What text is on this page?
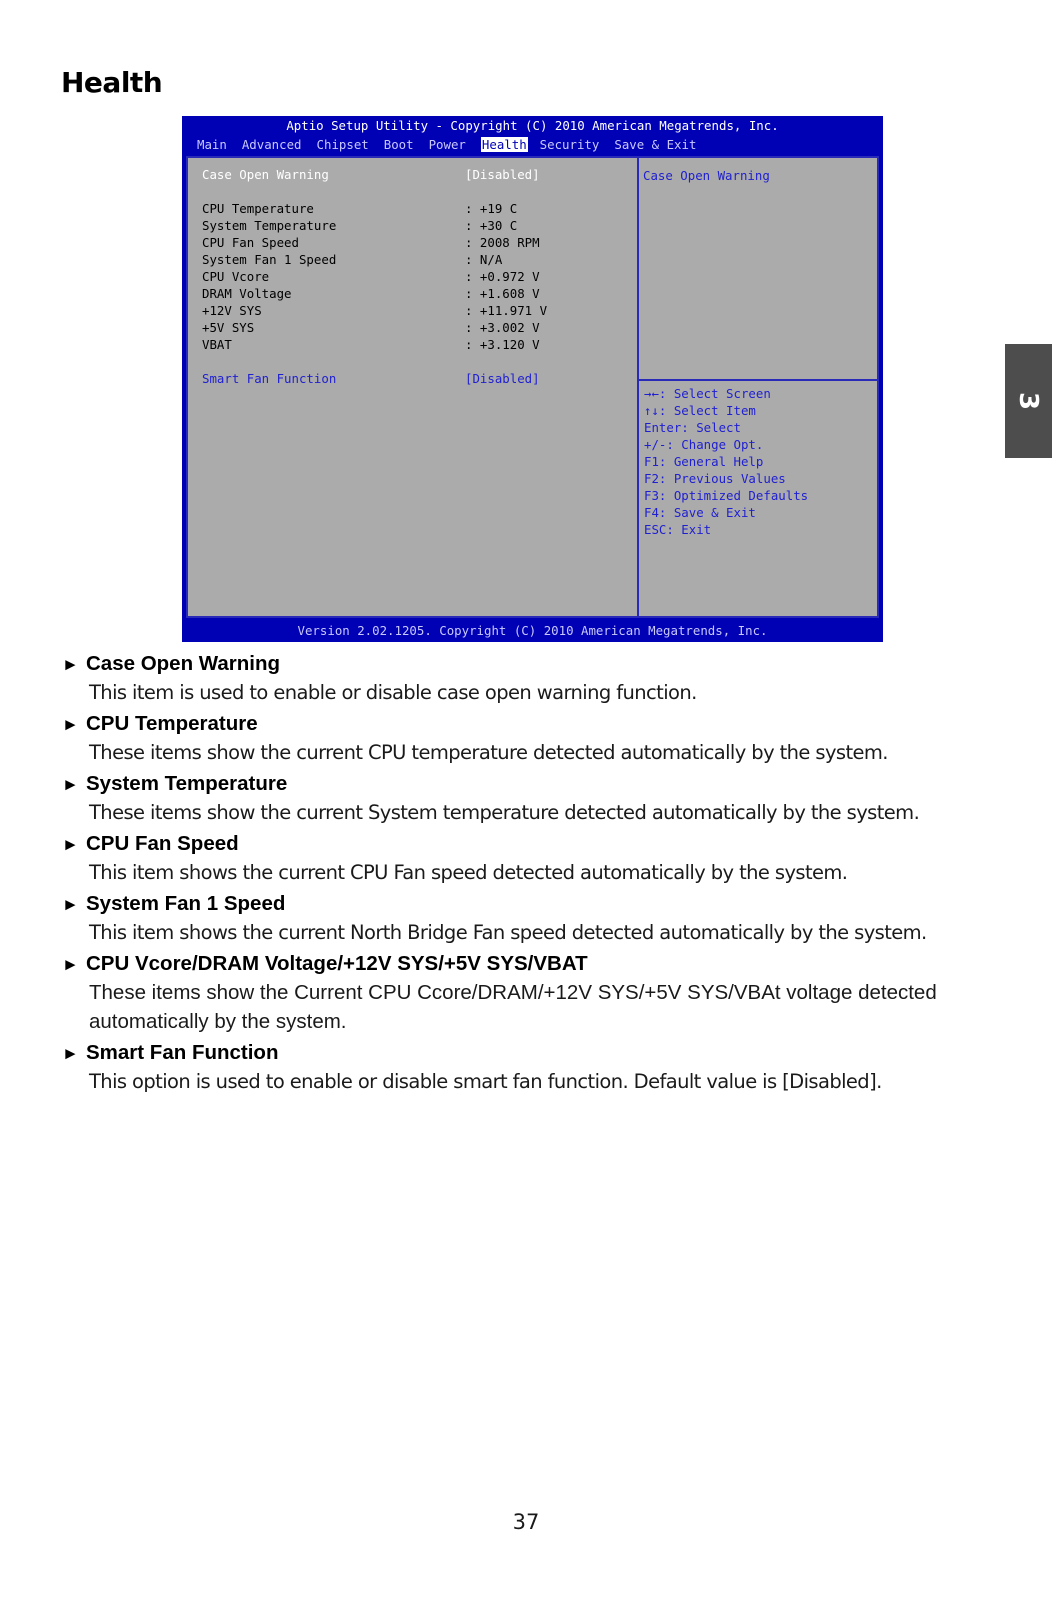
Health
3
Aptio Setup Utility - Copyright (C) 2010 American Megatrends, Inc.
Main Advanced Chipset Boot Power Health Security Save & Exit

Case Open Warning

	[Disabled]

CPU Temperature

	: +19 C

System Temperature

	: +30 C

CPU Fan Speed

	: 2008 RPM

System Fan 1 Speed

	: N/A

CPU Vcore

	: +0.972 V

DRAM Voltage

	: +1.608 V

+12V SYS

	: +11.971 V

+5V SYS

	: +3.002 V

VBAT

	: +3.120 V

Smart Fan Function

	[Disabled]

Case Open Warning
→←: Select Screen
↑↓: Select Item
Enter: Select
+/-: Change Opt.
F1: General Help
F2: Previous Values
F3: Optimized Defaults
F4: Save & Exit
ESC: Exit
Version 2.02.1205. Copyright (C) 2010 American Megatrends, Inc.
► Case Open Warning
This item is used to enable or disable case open warning function.
► CPU Temperature
These items show the current CPU temperature detected automatically by the system.
► System Temperature
These items show the current System temperature detected automatically by the system.
► CPU Fan Speed
This item shows the current CPU Fan speed detected automatically by the system.
► System Fan 1 Speed
This item shows the current North Bridge Fan speed detected automatically by the system.
► CPU Vcore/DRAM Voltage/+12V SYS/+5V SYS/VBAT
These items show the Current CPU Ccore/DRAM/+12V SYS/+5V SYS/VBAt voltage detected automatically by the system.
► Smart Fan Function
This option is used to enable or disable smart fan function. Default value is [Disabled].
37
